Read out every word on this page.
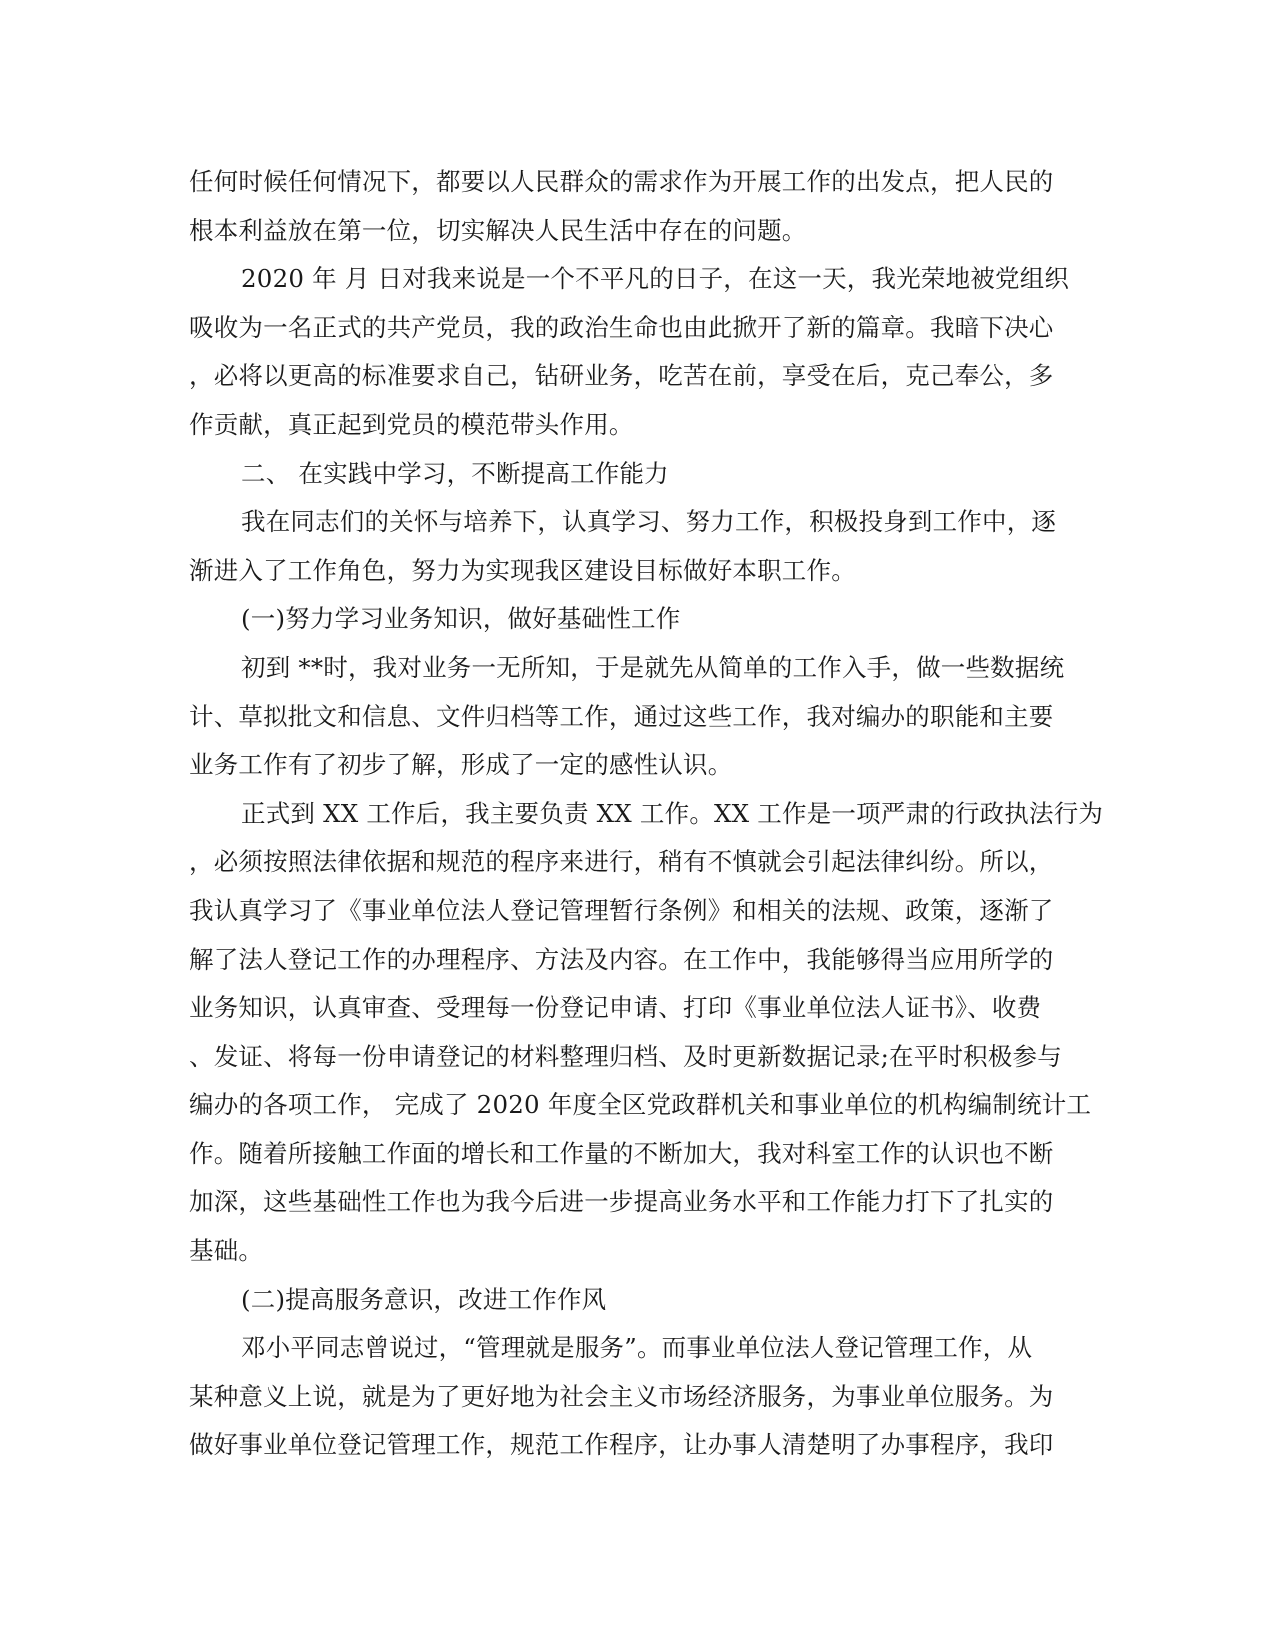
任何时候任何情况下，都要以人民群众的需求作为开展工作的出发点，把人民的
根本利益放在第一位，切实解决人民生活中存在的问题。
2020 年 月 日对我来说是一个不平凡的日子，在这一天，我光荣地被党组织
吸收为一名正式的共产党员，我的政治生命也由此掀开了新的篇章。我暗下决心
，必将以更高的标准要求自己，钻研业务，吃苦在前，享受在后，克己奉公，多
作贡献，真正起到党员的模范带头作用。
二、 在实践中学习，不断提高工作能力
我在同志们的关怀与培养下，认真学习、努力工作，积极投身到工作中，逐
渐进入了工作角色，努力为实现我区建设目标做好本职工作。
(一)努力学习业务知识，做好基础性工作
初到 **时，我对业务一无所知，于是就先从简单的工作入手，做一些数据统
计、草拟批文和信息、文件归档等工作，通过这些工作，我对编办的职能和主要
业务工作有了初步了解，形成了一定的感性认识。
正式到 XX 工作后，我主要负责 XX 工作。XX 工作是一项严肃的行政执法行为
，必须按照法律依据和规范的程序来进行，稍有不慎就会引起法律纠纷。所以，
我认真学习了《事业单位法人登记管理暂行条例》和相关的法规、政策，逐渐了
解了法人登记工作的办理程序、方法及内容。在工作中，我能够得当应用所学的
业务知识，认真审查、受理每一份登记申请、打印《事业单位法人证书》、收费
、发证、将每一份申请登记的材料整理归档、及时更新数据记录;在平时积极参与
编办的各项工作， 完成了 2020 年度全区党政群机关和事业单位的机构编制统计工
作。随着所接触工作面的增长和工作量的不断加大，我对科室工作的认识也不断
加深，这些基础性工作也为我今后进一步提高业务水平和工作能力打下了扎实的
基础。
(二)提高服务意识，改进工作作风
邓小平同志曾说过，“管理就是服务”。而事业单位法人登记管理工作，从
某种意义上说，就是为了更好地为社会主义市场经济服务，为事业单位服务。为
做好事业单位登记管理工作，规范工作程序，让办事人清楚明了办事程序，我印
